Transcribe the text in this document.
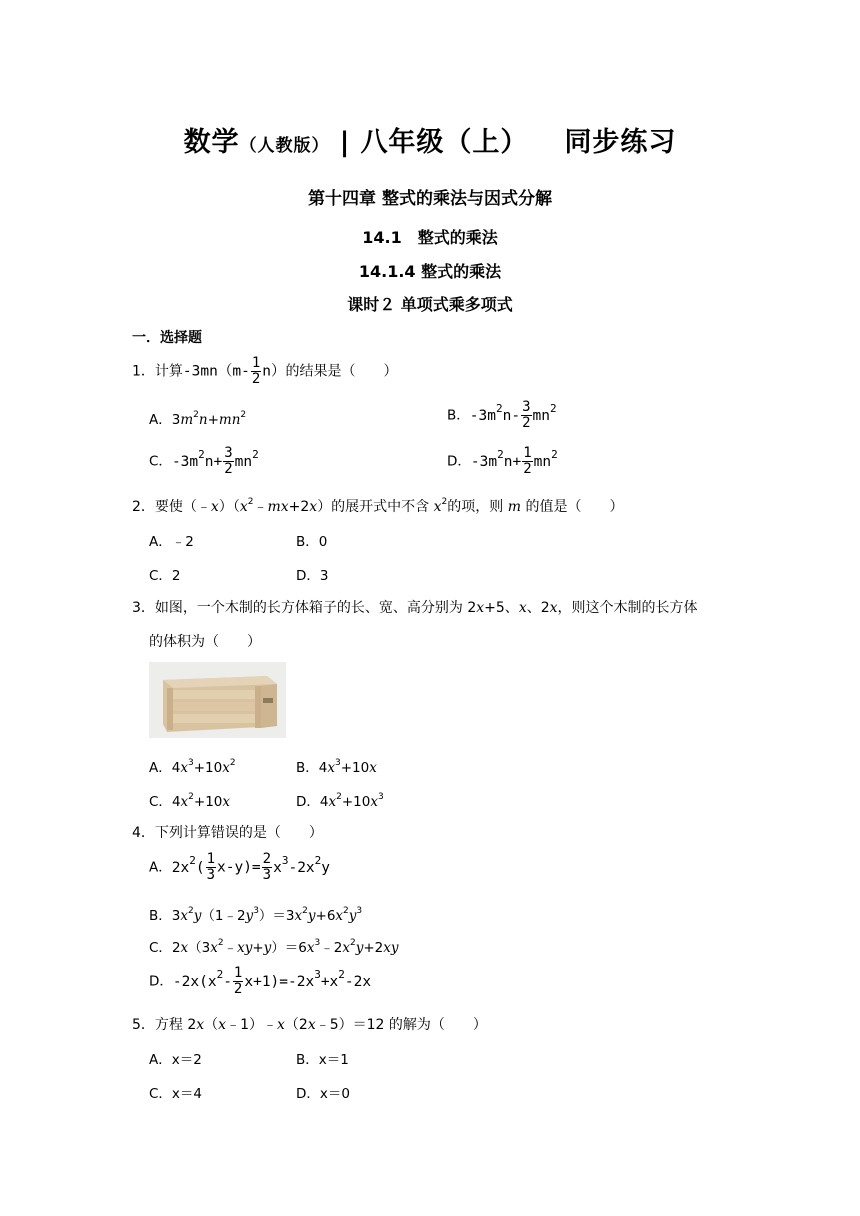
数学（人教版） | 八年级（上） 同步练习
第十四章 整式的乘法与因式分解
14.1　整式的乘法
14.1.4 整式的乘法
课时２ 单项式乘多项式
一．选择题
1．计算$-3mn(m- \frac{1}{2} n)$的结果是（　　）
A．$3m^2n+mn^2$	B．$-3m^2n- \frac{3}{2} mn^2$
C．$-3m^2n+ \frac{3}{2} mn^2$	D．$-3m^2n+ \frac{1}{2} mn^2$
2．要使$(﹣x)(x^2﹣mx+2x)$的展开式中不含 $x^2$的项，则 m 的值是（　　）
A．﹣2	B．0
C．2	D．3
3．如图，一个木制的长方体箱子的长、宽、高分别为 2x+5、x、2x，则这个木制的长方体
的体积为（　　）
A．$4x^3+10x^2$	B．$4x^3+10x$
C．$4x^2+10x$	D．$4x^2+10x^3$
4．下列计算错误的是（　　）
A．$2x^2( \frac{1}{3} x-y)= \frac{2}{3} x^3-2x^2y$
B．$3x^2y(1﹣2y^3)=3x^2y+6x^2y^3$
C．$2x(3x^2﹣xy+y)=6x^3﹣2x^2y+2xy$
D．$-2x(x^2- \frac{1}{2} x+1)=-2x^3+x^2-2x$
5．方程 2x（x﹣1）﹣x（2x﹣5）＝12 的解为（　　）
A．x＝2	B．x＝1
C．x＝4	D．x＝0
